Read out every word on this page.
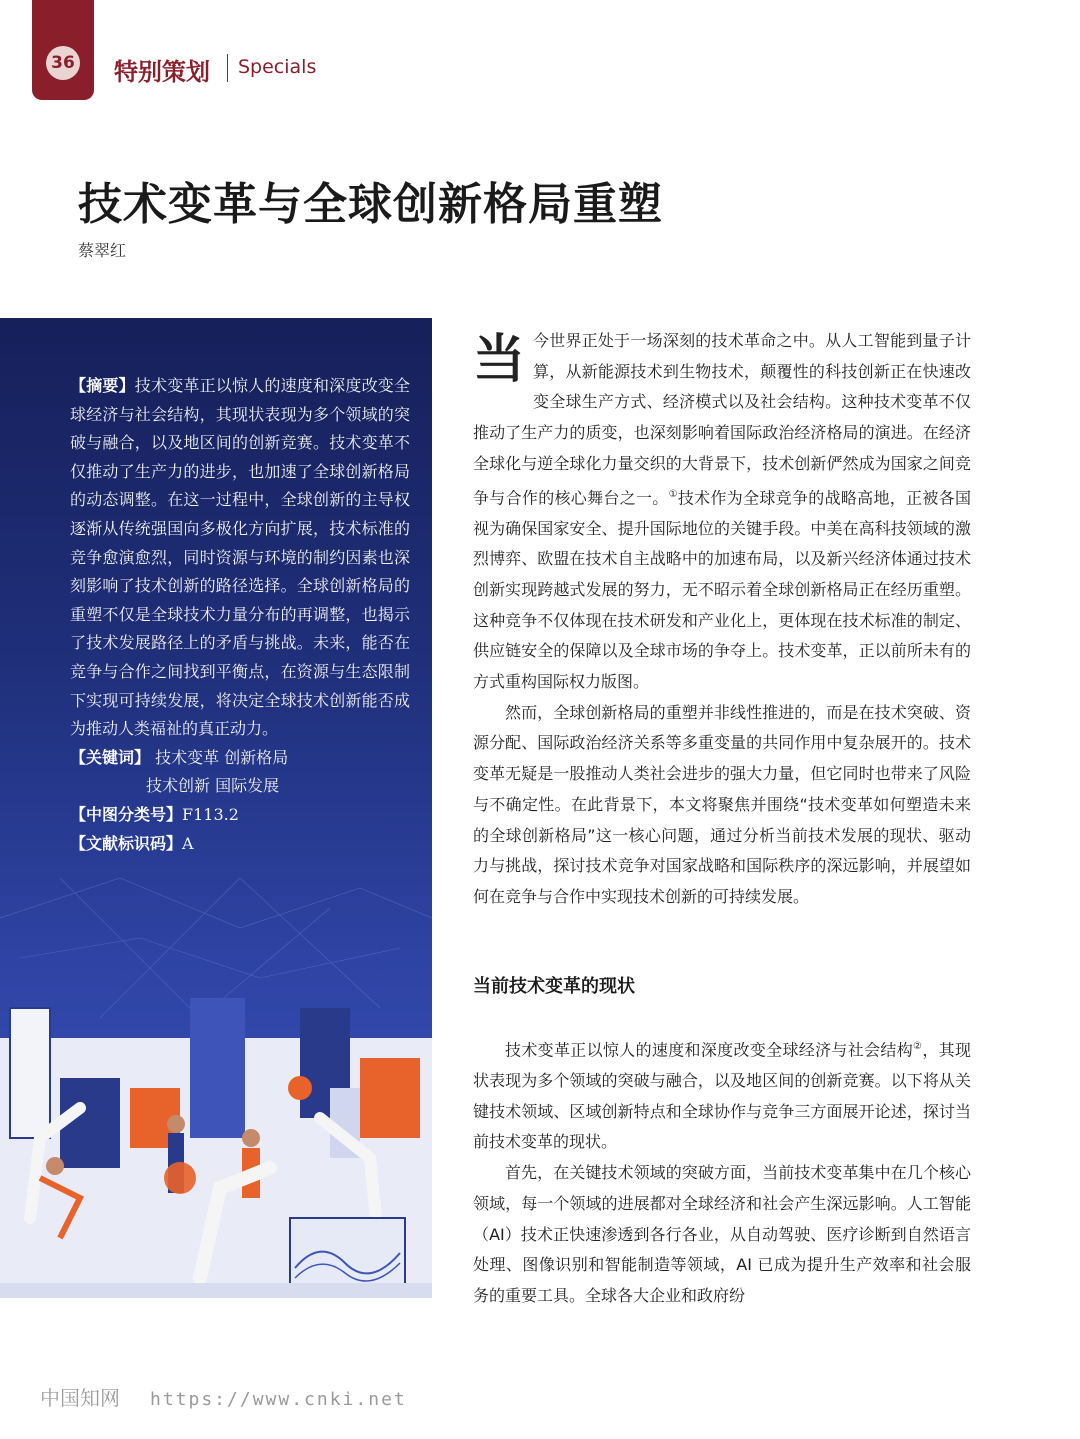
36 特别策划 Specials
技术变革与全球创新格局重塑
蔡翠红

【摘要】技术变革正以惊人的速度和深度改变全球经济与社会结构，其现状表现为多个领域的突破与融合，以及地区间的创新竞赛。技术变革不仅推动了生产力的进步，也加速了全球创新格局的动态调整。在这一过程中，全球创新的主导权逐渐从传统强国向多极化方向扩展，技术标准的竞争愈演愈烈，同时资源与环境的制约因素也深刻影响了技术创新的路径选择。全球创新格局的重塑不仅是全球技术力量分布的再调整，也揭示了技术发展路径上的矛盾与挑战。未来，能否在竞争与合作之间找到平衡点，在资源与生态限制下实现可持续发展，将决定全球技术创新能否成为推动人类福祉的真正动力。

【关键词】 技术变革 创新格局

技术创新 国际发展

【中图分类号】F113.2

【文献标识码】A

当今世界正处于一场深刻的技术革命之中。从人工智能到量子计算，从新能源技术到生物技术，颠覆性的科技创新正在快速改变全球生产方式、经济模式以及社会结构。这种技术变革不仅推动了生产力的质变，也深刻影响着国际政治经济格局的演进。在经济全球化与逆全球化力量交织的大背景下，技术创新俨然成为国家之间竞争与合作的核心舞台之一。①技术作为全球竞争的战略高地，正被各国视为确保国家安全、提升国际地位的关键手段。中美在高科技领域的激烈博弈、欧盟在技术自主战略中的加速布局，以及新兴经济体通过技术创新实现跨越式发展的努力，无不昭示着全球创新格局正在经历重塑。这种竞争不仅体现在技术研发和产业化上，更体现在技术标准的制定、供应链安全的保障以及全球市场的争夺上。技术变革，正以前所未有的方式重构国际权力版图。

然而，全球创新格局的重塑并非线性推进的，而是在技术突破、资源分配、国际政治经济关系等多重变量的共同作用中复杂展开的。技术变革无疑是一股推动人类社会进步的强大力量，但它同时也带来了风险与不确定性。在此背景下，本文将聚焦并围绕“技术变革如何塑造未来的全球创新格局”这一核心问题，通过分析当前技术发展的现状、驱动力与挑战，探讨技术竞争对国家战略和国际秩序的深远影响，并展望如何在竞争与合作中实现技术创新的可持续发展。

当前技术变革的现状

技术变革正以惊人的速度和深度改变全球经济与社会结构②，其现状表现为多个领域的突破与融合，以及地区间的创新竞赛。以下将从关键技术领域、区域创新特点和全球协作与竞争三方面展开论述，探讨当前技术变革的现状。

首先，在关键技术领域的突破方面，当前技术变革集中在几个核心领域，每一个领域的进展都对全球经济和社会产生深远影响。人工智能（AI）技术正快速渗透到各行各业，从自动驾驶、医疗诊断到自然语言处理、图像识别和智能制造等领域，AI 已成为提升生产效率和社会服务的重要工具。全球各大企业和政府纷

中国知网 https://www.cnki.net
